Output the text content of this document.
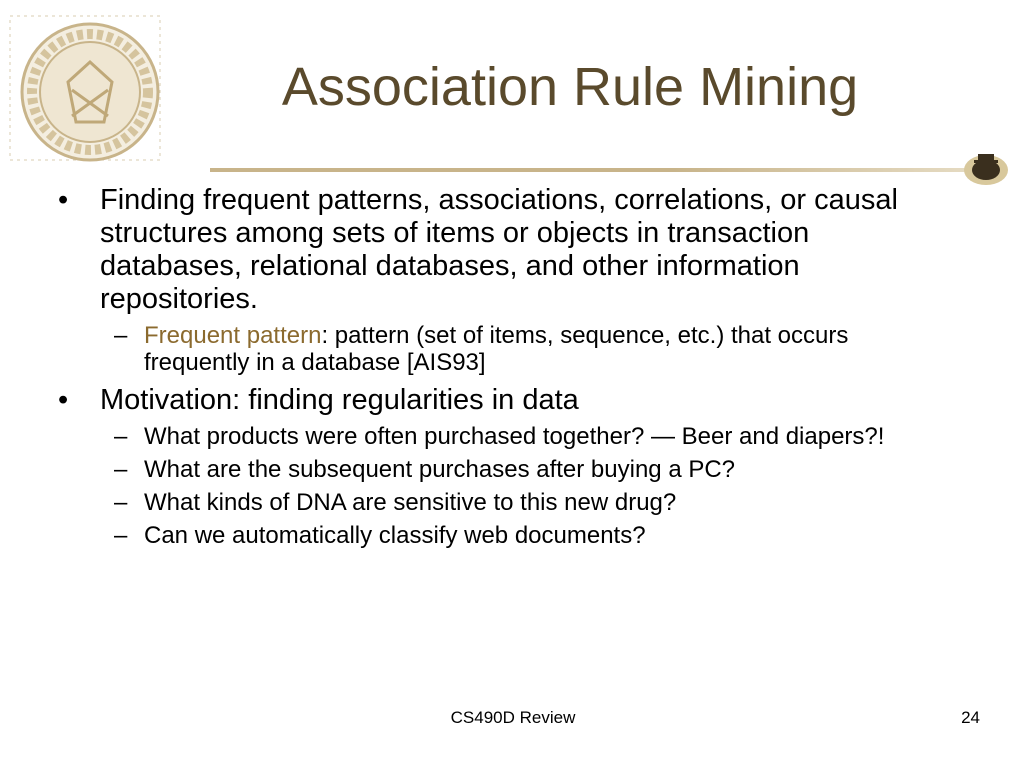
Association Rule Mining
• Finding frequent patterns, associations, correlations, or causal structures among sets of items or objects in transaction databases, relational databases, and other information repositories.
– Frequent pattern: pattern (set of items, sequence, etc.) that occurs frequently in a database [AIS93]
• Motivation: finding regularities in data
– What products were often purchased together? — Beer and diapers?!
– What are the subsequent purchases after buying a PC?
– What kinds of DNA are sensitive to this new drug?
– Can we automatically classify web documents?
CS490D Review	24
